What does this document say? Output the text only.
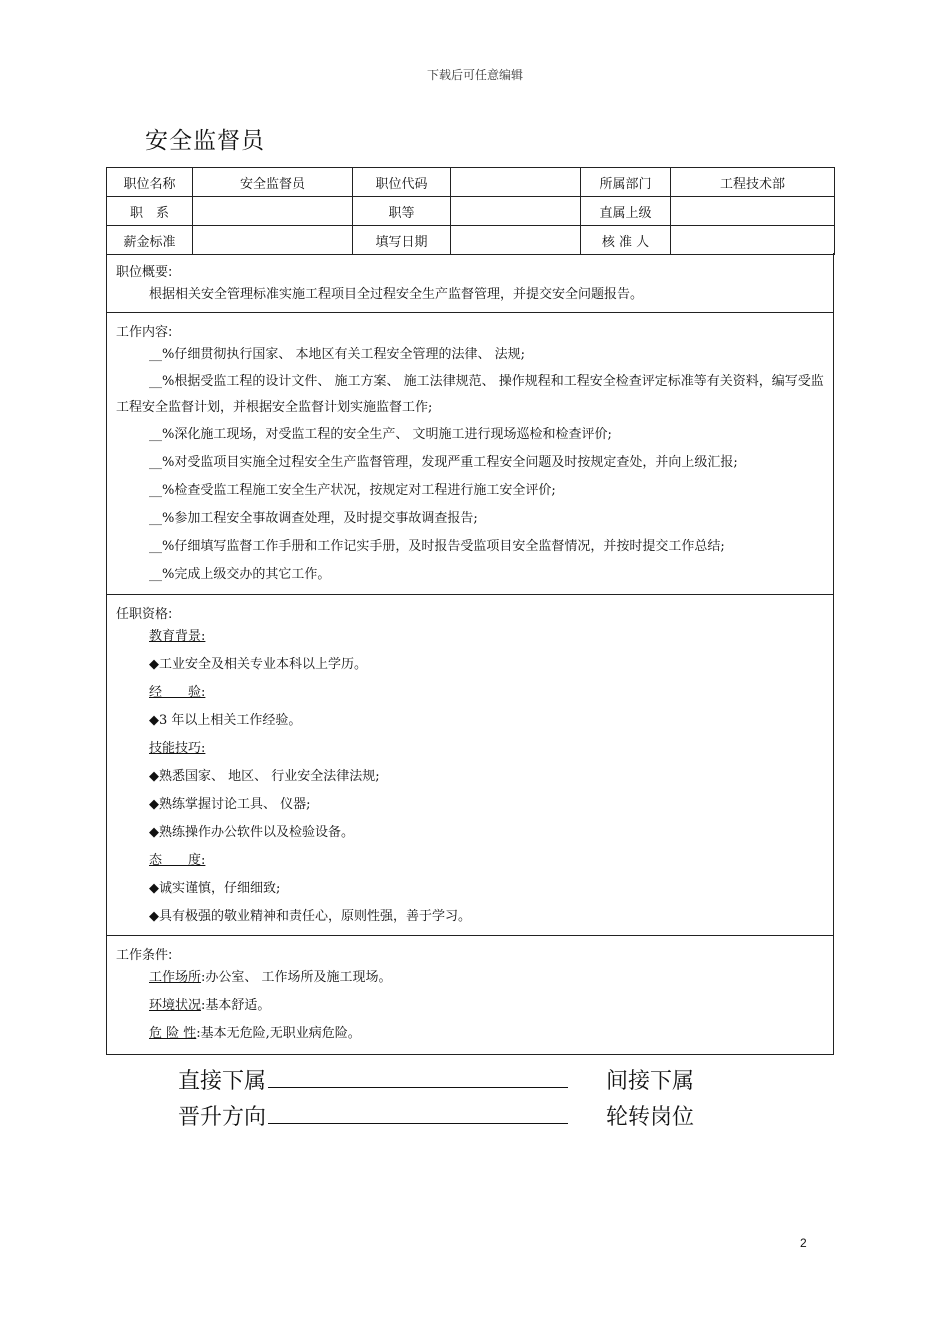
下载后可任意编辑
安全监督员
职位名称	安全监督员	职位代码		所属部门	工程技术部
职　系		职等		直属上级	
薪金标准		填写日期		核 准 人	
职位概要:
根据相关安全管理标准实施工程项目全过程安全生产监督管理，并提交安全问题报告。
工作内容:
__%仔细贯彻执行国家、 本地区有关工程安全管理的法律、 法规;
__%根据受监工程的设计文件、 施工方案、 施工法律规范、 操作规程和工程安全检查评定标准等有关资料，编写受监工程安全监督计划，并根据安全监督计划实施监督工作;
__%深化施工现场，对受监工程的安全生产、 文明施工进行现场巡检和检查评价;
__%对受监项目实施全过程安全生产监督管理，发现严重工程安全问题及时按规定查处，并向上级汇报;
__%检查受监工程施工安全生产状况，按规定对工程进行施工安全评价;
__%参加工程安全事故调查处理，及时提交事故调查报告;
__%仔细填写监督工作手册和工作记实手册，及时报告受监项目安全监督情况，并按时提交工作总结;
__%完成上级交办的其它工作。
任职资格:
教育背景:
◆工业安全及相关专业本科以上学历。
经　　验:
◆3 年以上相关工作经验。
技能技巧:
◆熟悉国家、 地区、 行业安全法律法规;
◆熟练掌握讨论工具、 仪器;
◆熟练操作办公软件以及检验设备。
态　　度:
◆诚实谨慎，仔细细致;
◆具有极强的敬业精神和责任心，原则性强，善于学习。
工作条件:
工作场所:办公室、 工作场所及施工现场。
环境状况:基本舒适。
危 险 性:基本无危险,无职业病危险。
直接下属	间接下属
晋升方向	轮转岗位
2
